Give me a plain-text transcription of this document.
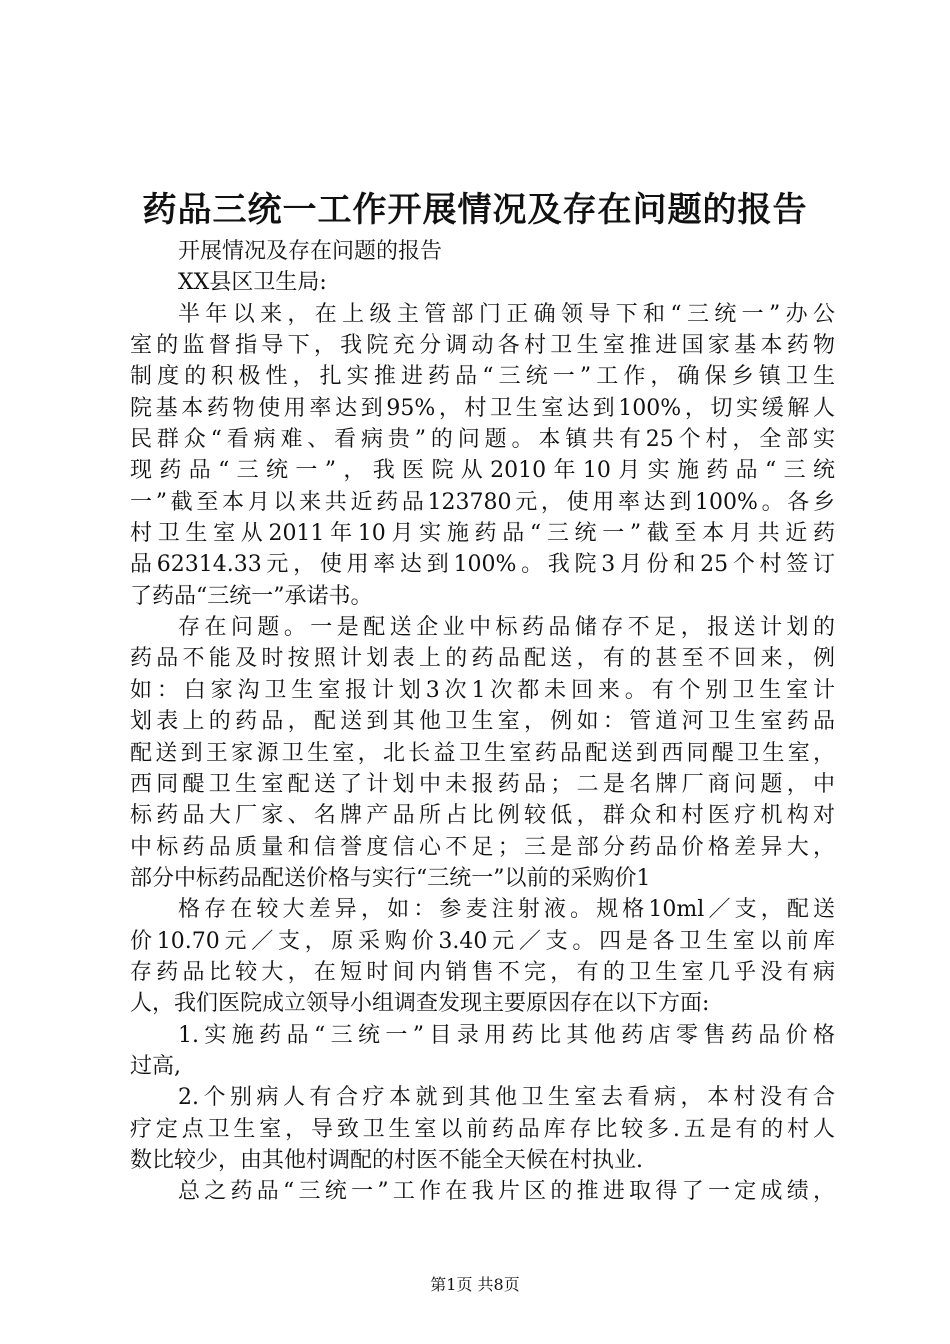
药品三统一工作开展情况及存在问题的报告
开展情况及存在问题的报告
XX县区卫生局:
半年以来，在上级主管部门正确领导下和“三统一”办公
室的监督指导下，我院充分调动各村卫生室推进国家基本药物
制度的积极性，扎实推进药品“三统一”工作，确保乡镇卫生
院基本药物使用率达到95%，村卫生室达到100%，切实缓解人
民群众“看病难、看病贵”的问题。本镇共有25个村，全部实
现药品“三统一”，我医院从2010年10月实施药品“三统
一”截至本月以来共近药品123780元，使用率达到100%。各乡
村卫生室从2011年10月实施药品“三统一”截至本月共近药
品62314.33元，使用率达到100%。我院3月份和25个村签订
了药品“三统一”承诺书。
存在问题。一是配送企业中标药品储存不足，报送计划的
药品不能及时按照计划表上的药品配送，有的甚至不回来，例
如：白家沟卫生室报计划3次1次都未回来。有个别卫生室计
划表上的药品，配送到其他卫生室，例如：管道河卫生室药品
配送到王家源卫生室，北长益卫生室药品配送到西同醍卫生室，
西同醍卫生室配送了计划中未报药品；二是名牌厂商问题，中
标药品大厂家、名牌产品所占比例较低，群众和村医疗机构对
中标药品质量和信誉度信心不足；三是部分药品价格差异大，
部分中标药品配送价格与实行“三统一”以前的采购价1
格存在较大差异，如：参麦注射液。规格10ml／支，配送
价10.70元／支，原采购价3.40元／支。四是各卫生室以前库
存药品比较大，在短时间内销售不完，有的卫生室几乎没有病
人，我们医院成立领导小组调查发现主要原因存在以下方面:
1.实施药品“三统一”目录用药比其他药店零售药品价格
过高,
2.个别病人有合疗本就到其他卫生室去看病，本村没有合
疗定点卫生室，导致卫生室以前药品库存比较多.五是有的村人
数比较少，由其他村调配的村医不能全天候在村执业.
总之药品“三统一”工作在我片区的推进取得了一定成绩，
第1页 共8页
